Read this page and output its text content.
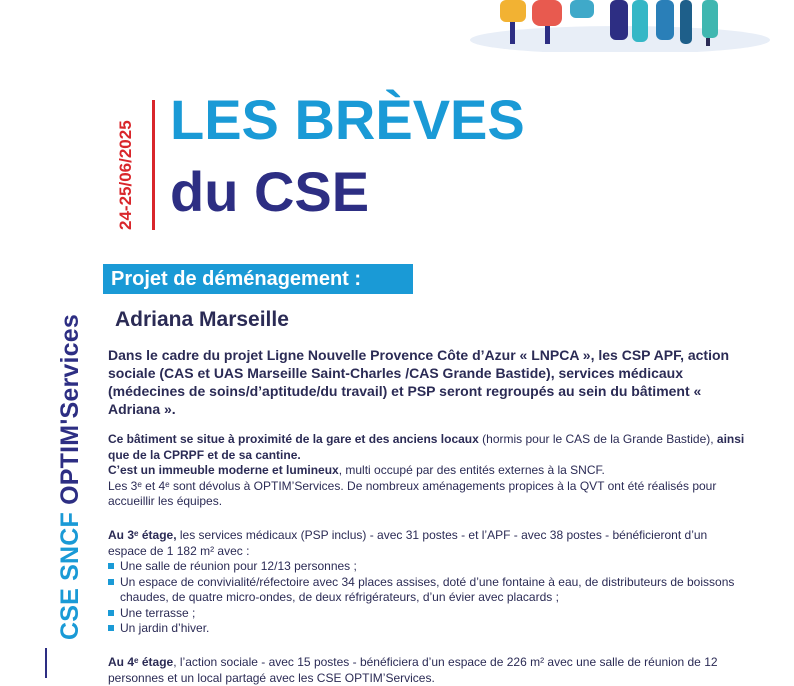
CSE SNCF OPTIM'Services
24-25/06/2025
LES BRÈVES
du CSE
Projet de déménagement :
Adriana Marseille
Dans le cadre du projet Ligne Nouvelle Provence Côte d’Azur « LNPCA », les CSP APF, action sociale (CAS et UAS Marseille Saint-Charles /CAS Grande Bastide), services médicaux (médecines de soins/d’aptitude/du travail) et PSP seront regroupés au sein du bâtiment « Adriana ».
Ce bâtiment se situe à proximité de la gare et des anciens locaux (hormis pour le CAS de la Grande Bastide), ainsi que de la CPRPF et de sa cantine.
C’est un immeuble moderne et lumineux, multi occupé par des entités externes à la SNCF.
Les 3ᵉ et 4ᵉ sont dévolus à OPTIM’Services. De nombreux aménagements propices à la QVT ont été réalisés pour accueillir les équipes.
Au 3ᵉ étage, les services médicaux (PSP inclus) - avec 31 postes - et l’APF - avec 38 postes - bénéficieront d’un espace de 1 182 m² avec :
Une salle de réunion pour 12/13 personnes ;
Un espace de convivialité/réfectoire avec 34 places assises, doté d’une fontaine à eau, de distributeurs de boissons chaudes, de quatre micro-ondes, de deux réfrigérateurs, d’un évier avec placards ;
Une terrasse ;
Un jardin d’hiver.
Au 4ᵉ étage, l’action sociale - avec 15 postes - bénéficiera d’un espace de 226 m² avec une salle de réunion de 12 personnes et un local partagé avec les CSE OPTIM’Services.
